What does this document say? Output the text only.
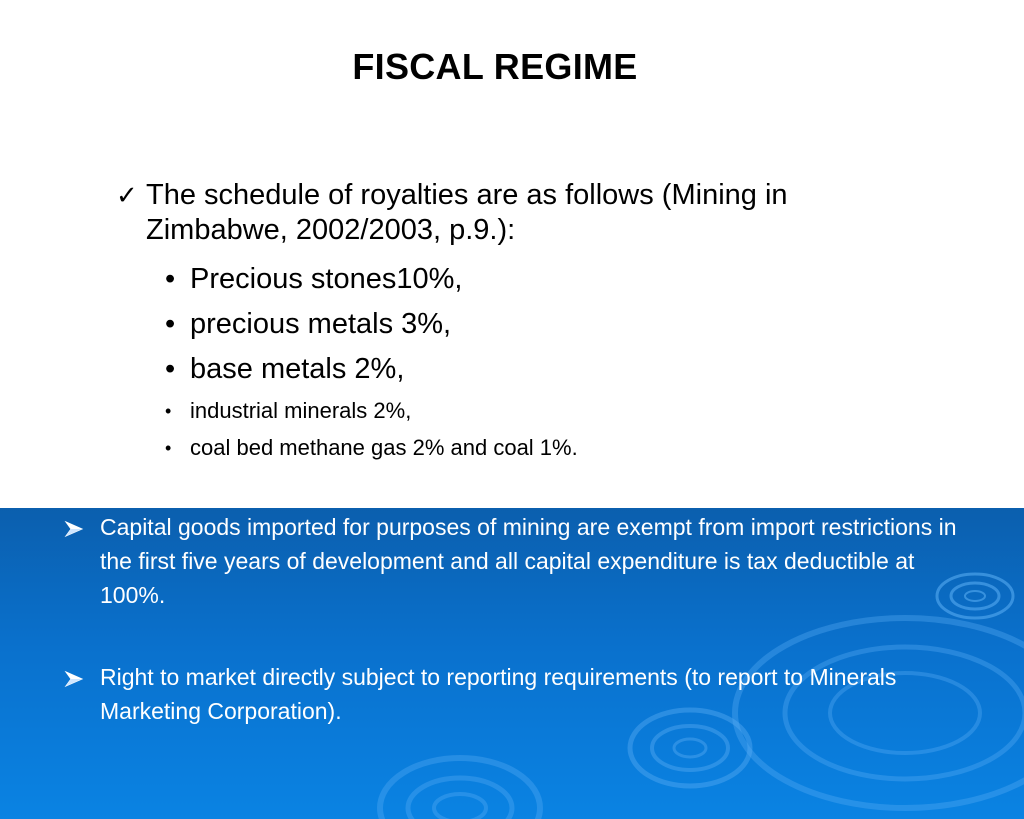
FISCAL REGIME
✓ The schedule of royalties are as follows (Mining in Zimbabwe, 2002/2003, p.9.):
• Precious stones10%,
• precious metals 3%,
• base metals 2%,
• industrial minerals 2%,
• coal bed methane gas 2% and coal 1%.
Capital goods imported for purposes of mining are exempt from import restrictions in the first five years of development and all capital expenditure is tax deductible at 100%.
Right to market directly subject to reporting requirements (to report to Minerals Marketing Corporation).
